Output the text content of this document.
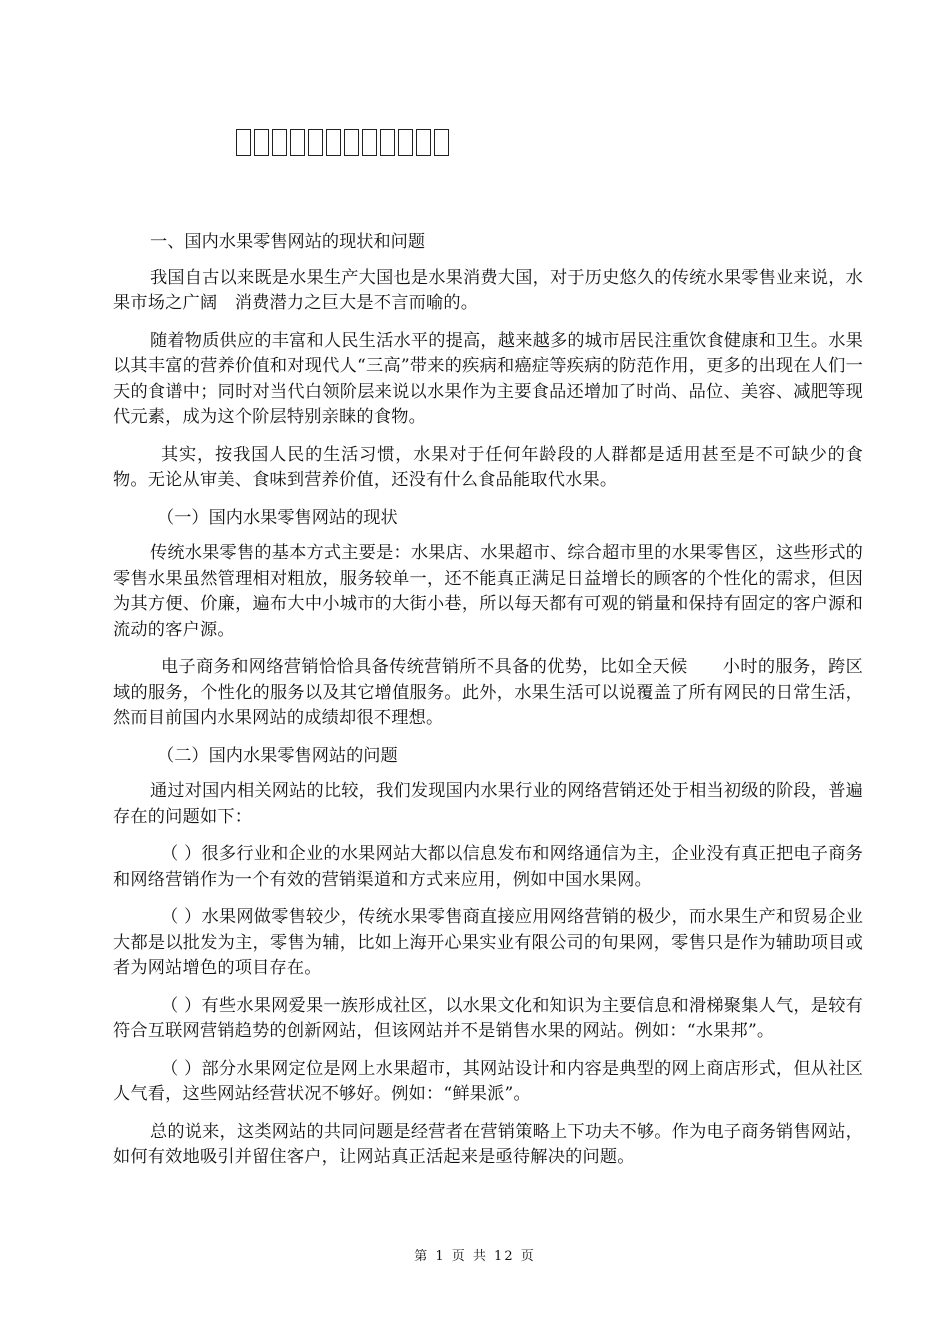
一、国内水果零售网站的现状和问题

我国自古以来既是水果生产大国也是水果消费大国，对于历史悠久的传统水果零售业来说，水果市场之广阔　消费潜力之巨大是不言而喻的。

随着物质供应的丰富和人民生活水平的提高，越来越多的城市居民注重饮食健康和卫生。水果以其丰富的营养价值和对现代人“三高”带来的疾病和癌症等疾病的防范作用，更多的出现在人们一天的食谱中；同时对当代白领阶层来说以水果作为主要食品还增加了时尚、品位、美容、减肥等现代元素，成为这个阶层特别亲睐的食物。

其实，按我国人民的生活习惯，水果对于任何年龄段的人群都是适用甚至是不可缺少的食物。无论从审美、食味到营养价值，还没有什么食品能取代水果。

（一）国内水果零售网站的现状

传统水果零售的基本方式主要是：水果店、水果超市、综合超市里的水果零售区，这些形式的零售水果虽然管理相对粗放，服务较单一，还不能真正满足日益增长的顾客的个性化的需求，但因为其方便、价廉，遍布大中小城市的大街小巷，所以每天都有可观的销量和保持有固定的客户源和流动的客户源。

电子商务和网络营销恰恰具备传统营销所不具备的优势，比如全天候　　小时的服务，跨区域的服务，个性化的服务以及其它增值服务。此外，水果生活可以说覆盖了所有网民的日常生活，然而目前国内水果网站的成绩却很不理想。

（二）国内水果零售网站的问题

通过对国内相关网站的比较，我们发现国内水果行业的网络营销还处于相当初级的阶段，普遍存在的问题如下：

（ ）很多行业和企业的水果网站大都以信息发布和网络通信为主，企业没有真正把电子商务和网络营销作为一个有效的营销渠道和方式来应用，例如中国水果网。

（ ）水果网做零售较少，传统水果零售商直接应用网络营销的极少，而水果生产和贸易企业大都是以批发为主，零售为辅，比如上海开心果实业有限公司的旬果网，零售只是作为辅助项目或者为网站增色的项目存在。

（ ）有些水果网爱果一族形成社区，以水果文化和知识为主要信息和滑梯聚集人气，是较有符合互联网营销趋势的创新网站，但该网站并不是销售水果的网站。例如：“水果邦”。

（ ）部分水果网定位是网上水果超市，其网站设计和内容是典型的网上商店形式，但从社区人气看，这些网站经营状况不够好。例如：“鲜果派”。

总的说来，这类网站的共同问题是经营者在营销策略上下功夫不够。作为电子商务销售网站，如何有效地吸引并留住客户，让网站真正活起来是亟待解决的问题。

第 1 页 共 12 页
